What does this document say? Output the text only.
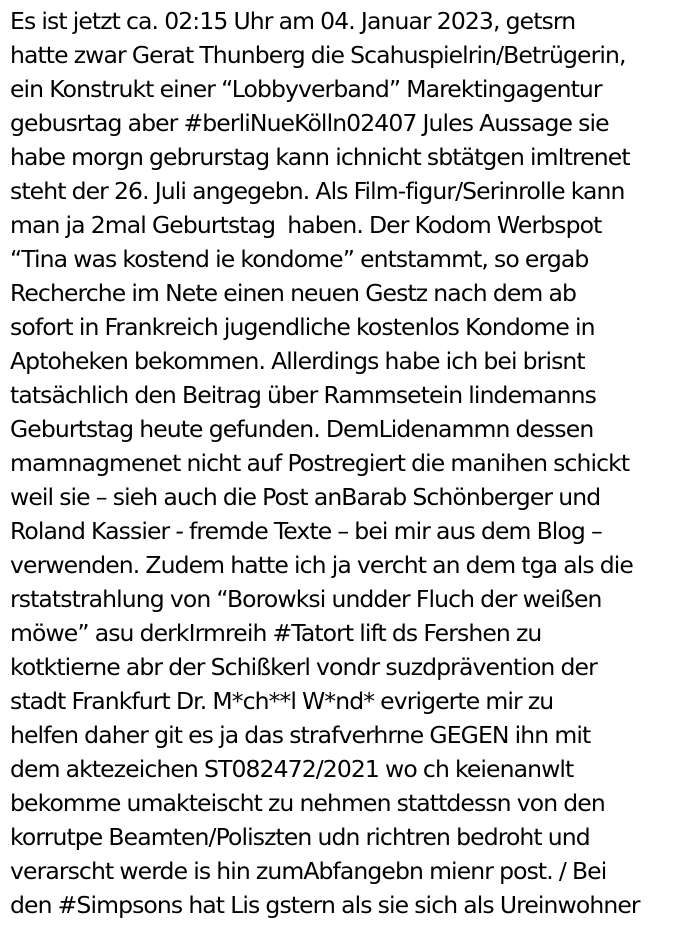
Es ist jetzt ca. 02:15 Uhr am 04. Januar 2023, getsrn
hatte zwar Gerat Thunberg die Scahuspielrin/Betrügerin,
ein Konstrukt einer “Lobbyverband” Marektingagentur
gebusrtag aber #berliNueKölln02407 Jules Aussage sie
habe morgn gebrurstag kann ichnicht sbtätgen imItrenet
steht der 26. Juli angegebn. Als Film-figur/Serinrolle kann
man ja 2mal Geburtstag  haben. Der Kodom Werbspot
“Tina was kostend ie kondome” entstammt, so ergab
Recherche im Nete einen neuen Gestz nach dem ab
sofort in Frankreich jugendliche kostenlos Kondome in
Aptoheken bekommen. Allerdings habe ich bei brisnt
tatsächlich den Beitrag über Rammsetein lindemanns
Geburtstag heute gefunden. DemLidenammn dessen
mamnagmenet nicht auf Postregiert die manihen schickt
weil sie – sieh auch die Post anBarab Schönberger und
Roland Kassier - fremde Texte – bei mir aus dem Blog –
verwenden. Zudem hatte ich ja vercht an dem tga als die
rstatstrahlung von “Borowksi undder Fluch der weißen
möwe” asu derkIrmreih #Tatort lift ds Fershen zu
kotktierne abr der Schißkerl vondr suzdprävention der
stadt Frankfurt Dr. M*ch**l W*nd* evrigerte mir zu
helfen daher git es ja das strafverhrne GEGEN ihn mit
dem aktezeichen ST082472/2021 wo ch keienanwlt
bekomme umakteischt zu nehmen stattdessn von den
korrutpe Beamten/Poliszten udn richtren bedroht und
verarscht werde is hin zumAbfangebn mienr post. / Bei
den #Simpsons hat Lis gstern als sie sich als Ureinwohner
